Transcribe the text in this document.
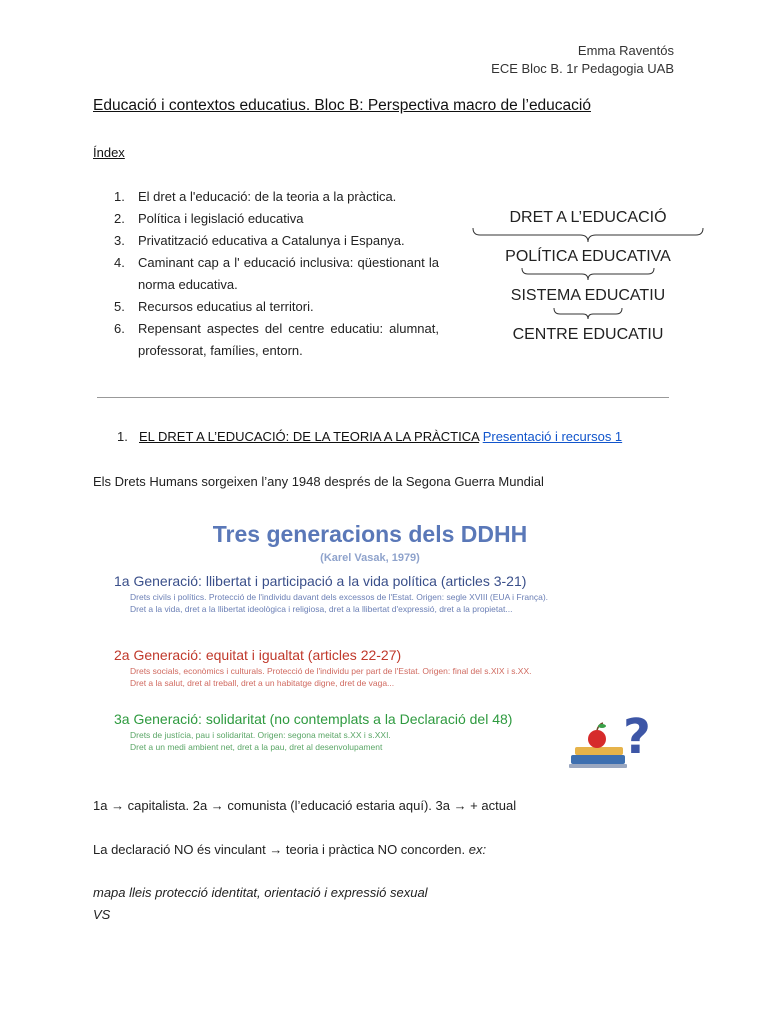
Emma Raventós
ECE Bloc B. 1r Pedagogia UAB
Educació i contextos educatius. Bloc B: Perspectiva macro de l’educació
Índex
1.	El dret a l'educació: de la teoria a la pràctica.
2.	Política i legislació educativa
3.	Privatització educativa a Catalunya i Espanya.
4.	Caminant cap a l' educació inclusiva: qüestionant la norma educativa.
5.	Recursos educatius al territori.
6.	Repensant aspectes del centre educatiu: alumnat, professorat, famílies, entorn.
DRET A L’EDUCACIÓ
POLÍTICA EDUCATIVA
SISTEMA EDUCATIU
CENTRE EDUCATIU
1. EL DRET A L’EDUCACIÓ: DE LA TEORIA A LA PRÀCTICA Presentació i recursos 1
Els Drets Humans sorgeixen l’any 1948 després de la Segona Guerra Mundial
Tres generacions dels DDHH
(Karel Vasak, 1979)
1a Generació: llibertat i participació a la vida política (articles 3-21)
Drets civils i polítics. Protecció de l'individu davant dels excessos de l'Estat. Origen: segle XVIII (EUA i França).
Dret a la vida, dret a la llibertat ideològica i religiosa, dret a la llibertat d'expressió, dret a la propietat...
2a Generació: equitat i igualtat (articles 22-27)
Drets socials, econòmics i culturals. Protecció de l'individu per part de l'Estat. Origen: final del s.XIX i s.XX.
Dret a la salut, dret al treball, dret a un habitatge digne, dret de vaga...
3a Generació: solidaritat (no contemplats a la Declaració del 48)
Drets de justícia, pau i solidaritat. Origen: segona meitat s.XX i s.XXI.
Dret a un medi ambient net, dret a la pau, dret al desenvolupament	?
1a → capitalista. 2a → comunista (l’educació estaria aquí). 3a → + actual
La declaració NO és vinculant → teoria i pràctica NO concorden. ex:
mapa lleis protecció identitat, orientació i expressió sexual
VS
